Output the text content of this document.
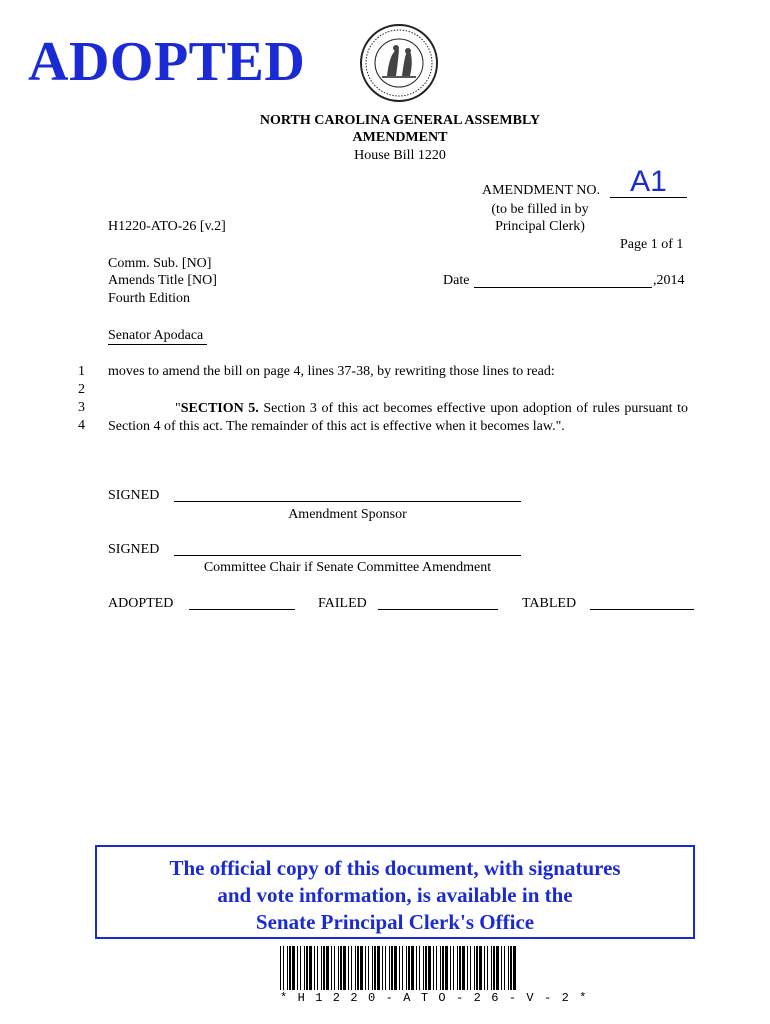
ADOPTED
NORTH CAROLINA GENERAL ASSEMBLY
AMENDMENT
House Bill 1220
AMENDMENT NO.	A1
(to be filled in by
Principal Clerk)
H1220-ATO-26 [v.2]
Page 1 of 1
Comm. Sub. [NO]
Amends Title [NO]
Fourth Edition
Date	,2014
Senator Apodaca
1
2
3
4
moves to amend the bill on page 4, lines 37-38, by rewriting those lines to read:
"SECTION 5. Section 3 of this act becomes effective upon adoption of rules pursuant to Section 4 of this act. The remainder of this act is effective when it becomes law.".
SIGNED
Amendment Sponsor
SIGNED
Committee Chair if Senate Committee Amendment
ADOPTED	FAILED	TABLED
The official copy of this document, with signatures
and vote information, is available in the
Senate Principal Clerk's Office
* H 1 2 2 0 - A T O - 2 6 - V - 2 *
